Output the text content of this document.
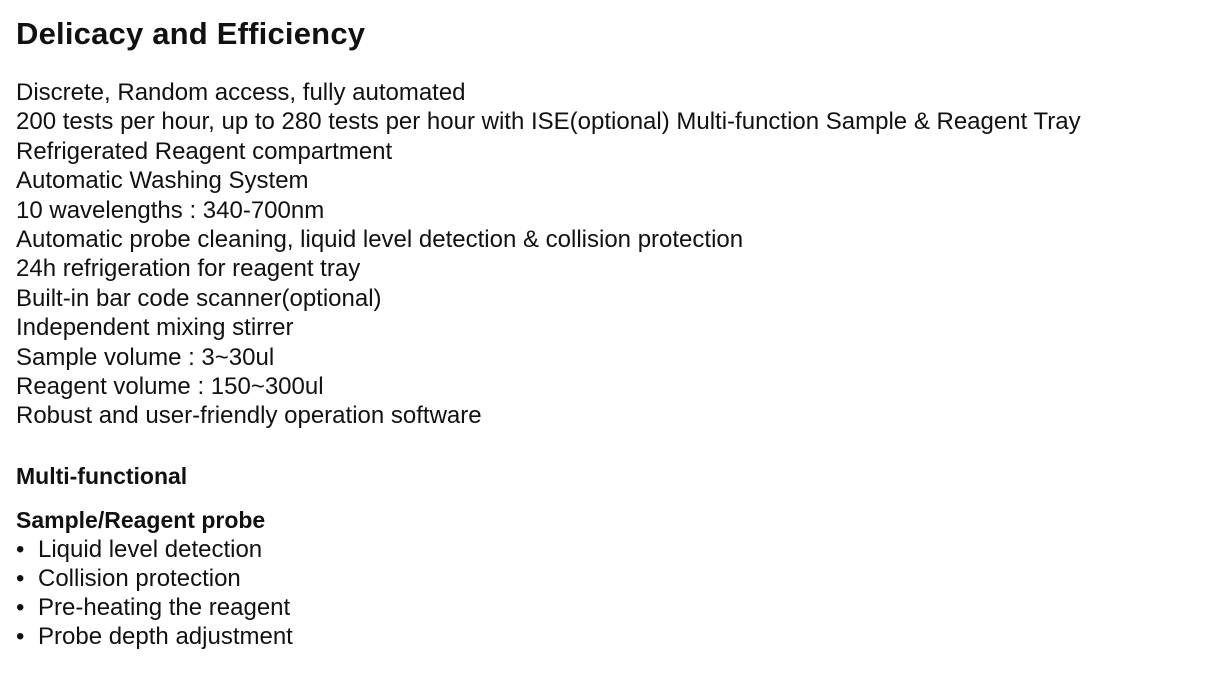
Delicacy and Efficiency
Discrete, Random access, fully automated
200 tests per hour, up to 280 tests per hour with ISE(optional) Multi-function Sample & Reagent Tray
Refrigerated Reagent compartment
Automatic Washing System
10 wavelengths : 340-700nm
Automatic probe cleaning, liquid level detection & collision protection
24h refrigeration for reagent tray
Built-in bar code scanner(optional)
Independent mixing stirrer
Sample volume : 3~30ul
Reagent volume : 150~300ul
Robust and user-friendly operation software
Multi-functional
Sample/Reagent probe
• Liquid level detection
• Collision protection
• Pre-heating the reagent
• Probe depth adjustment
